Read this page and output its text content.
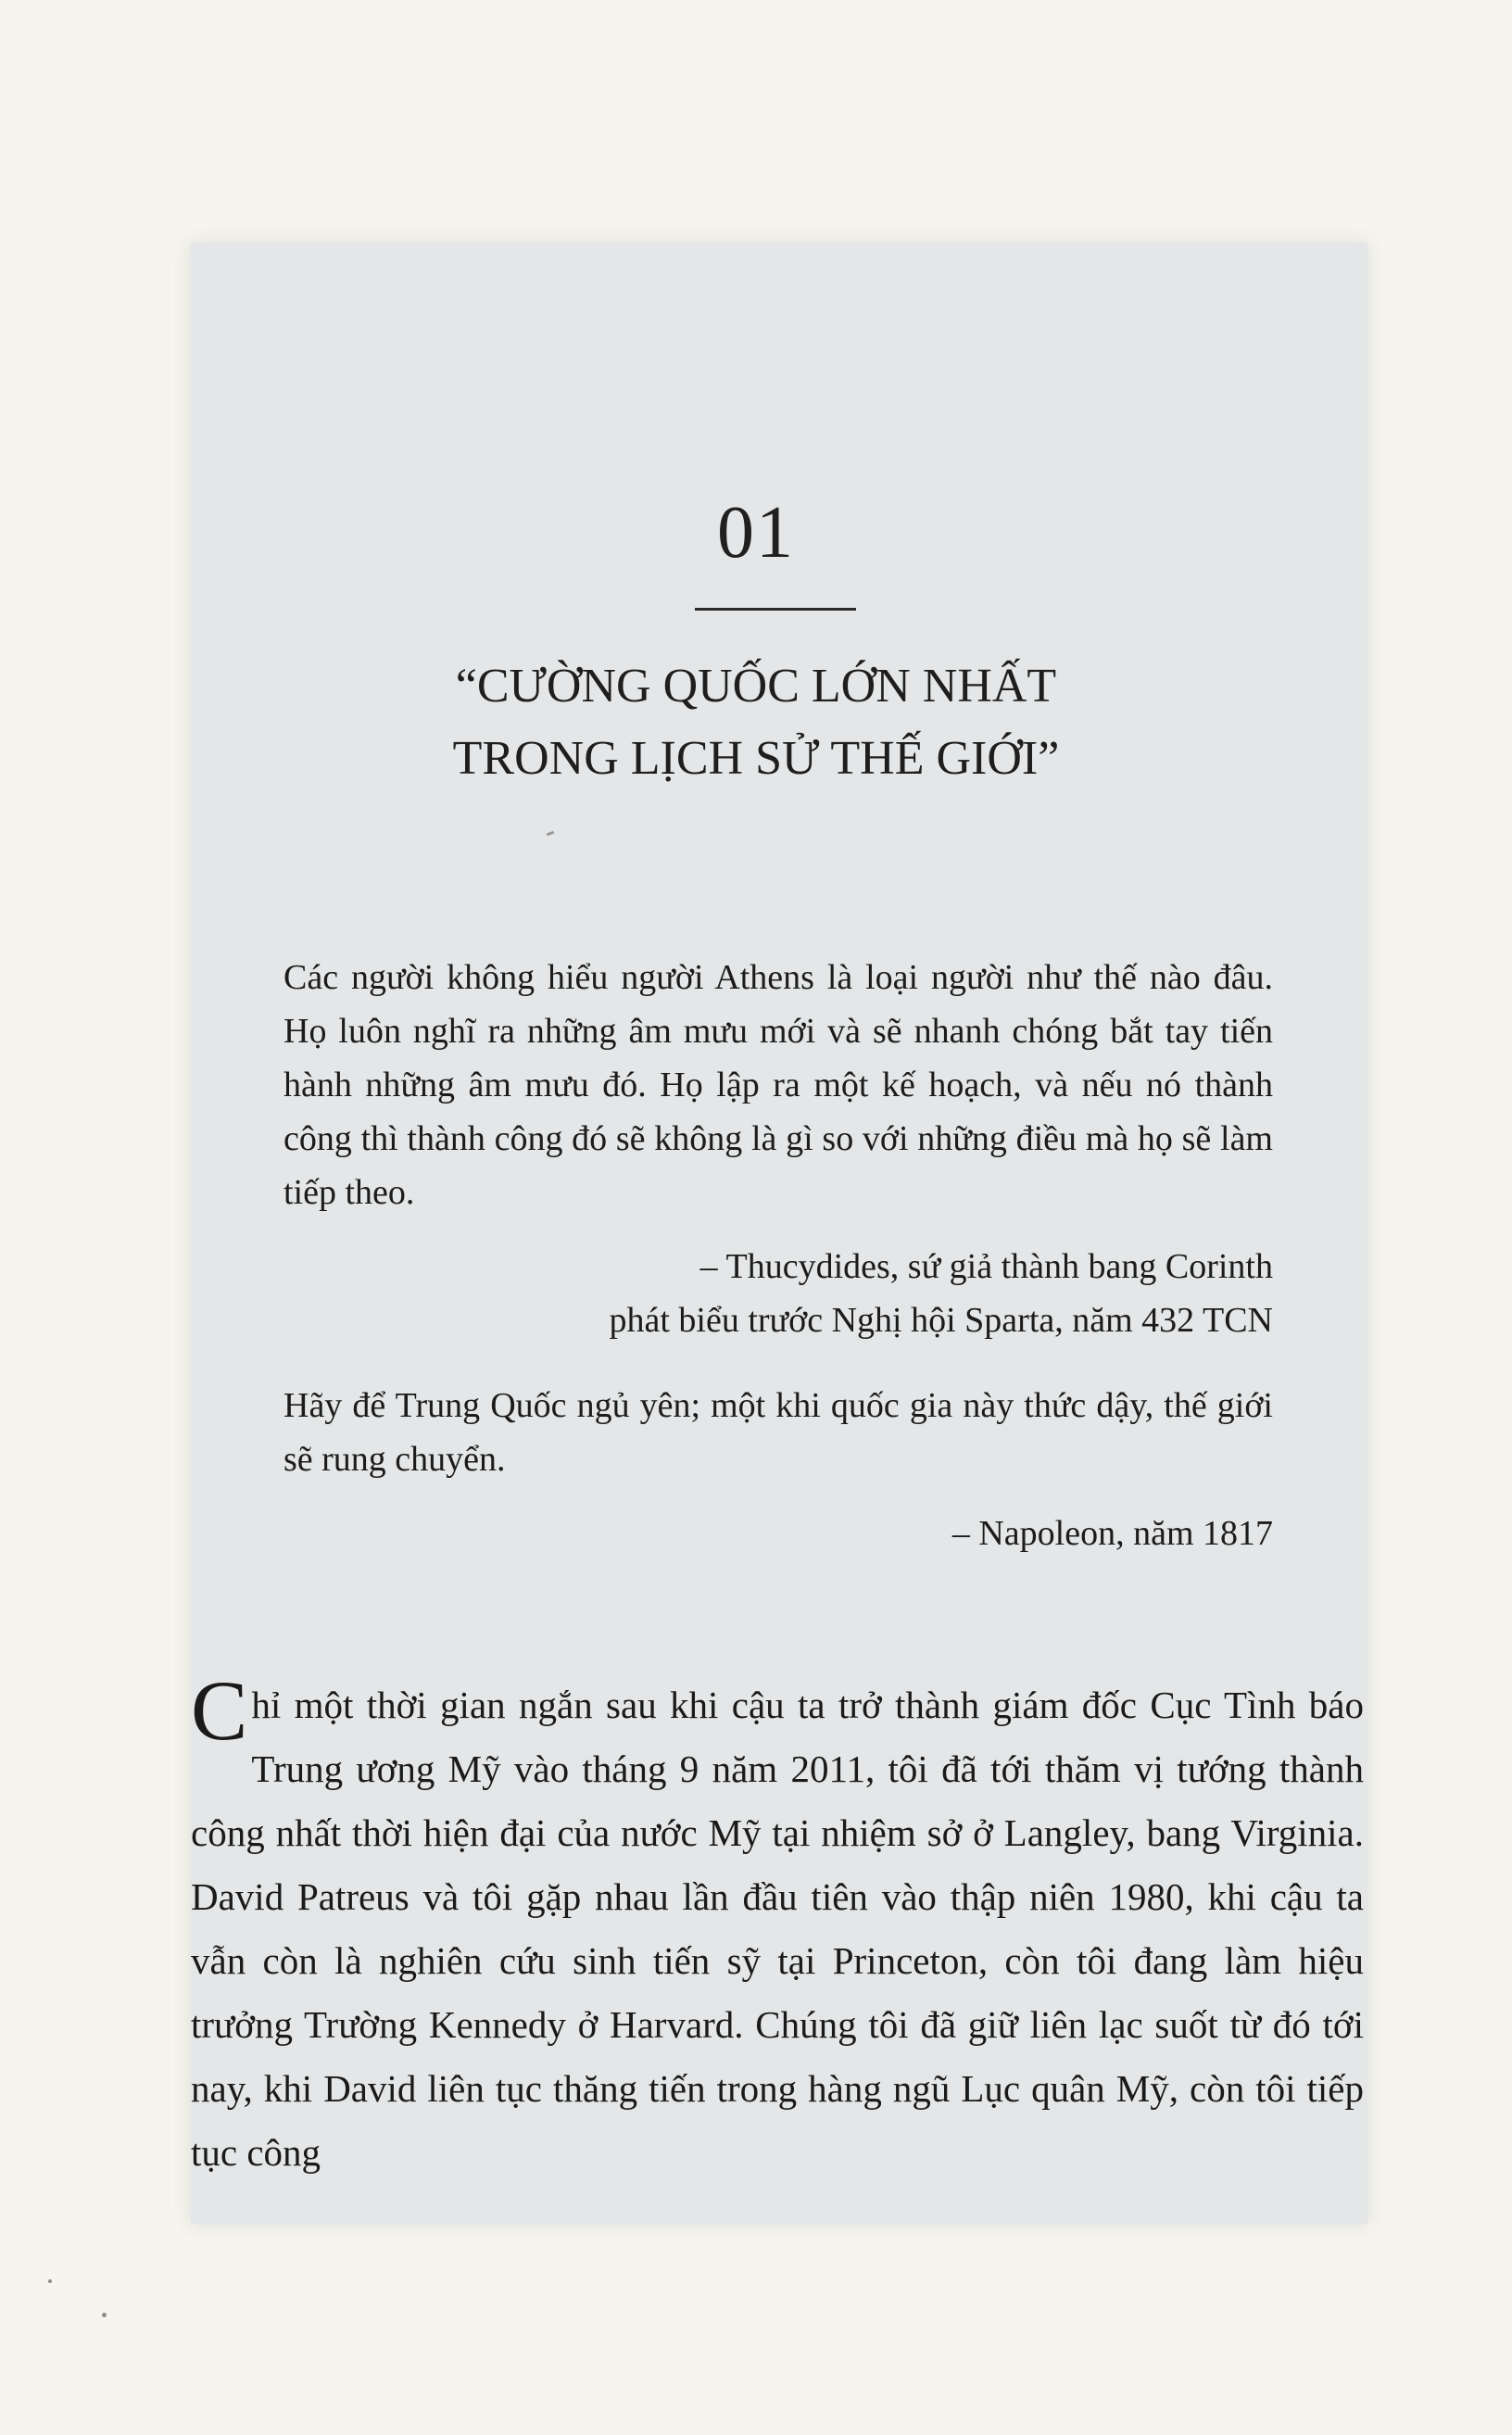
01
“CƯỜNG QUỐC LỚN NHẤT
TRONG LỊCH SỬ THẾ GIỚI”
Các người không hiểu người Athens là loại người như thế nào đâu. Họ luôn nghĩ ra những âm mưu mới và sẽ nhanh chóng bắt tay tiến hành những âm mưu đó. Họ lập ra một kế hoạch, và nếu nó thành công thì thành công đó sẽ không là gì so với những điều mà họ sẽ làm tiếp theo.
– Thucydides, sứ giả thành bang Corinth
phát biểu trước Nghị hội Sparta, năm 432 TCN
Hãy để Trung Quốc ngủ yên; một khi quốc gia này thức dậy, thế giới sẽ rung chuyển.
– Napoleon, năm 1817
Chỉ một thời gian ngắn sau khi cậu ta trở thành giám đốc Cục Tình báo Trung ương Mỹ vào tháng 9 năm 2011, tôi đã tới thăm vị tướng thành công nhất thời hiện đại của nước Mỹ tại nhiệm sở ở Langley, bang Virginia. David Patreus và tôi gặp nhau lần đầu tiên vào thập niên 1980, khi cậu ta vẫn còn là nghiên cứu sinh tiến sỹ tại Princeton, còn tôi đang làm hiệu trưởng Trường Kennedy ở Harvard. Chúng tôi đã giữ liên lạc suốt từ đó tới nay, khi David liên tục thăng tiến trong hàng ngũ Lục quân Mỹ, còn tôi tiếp tục công
